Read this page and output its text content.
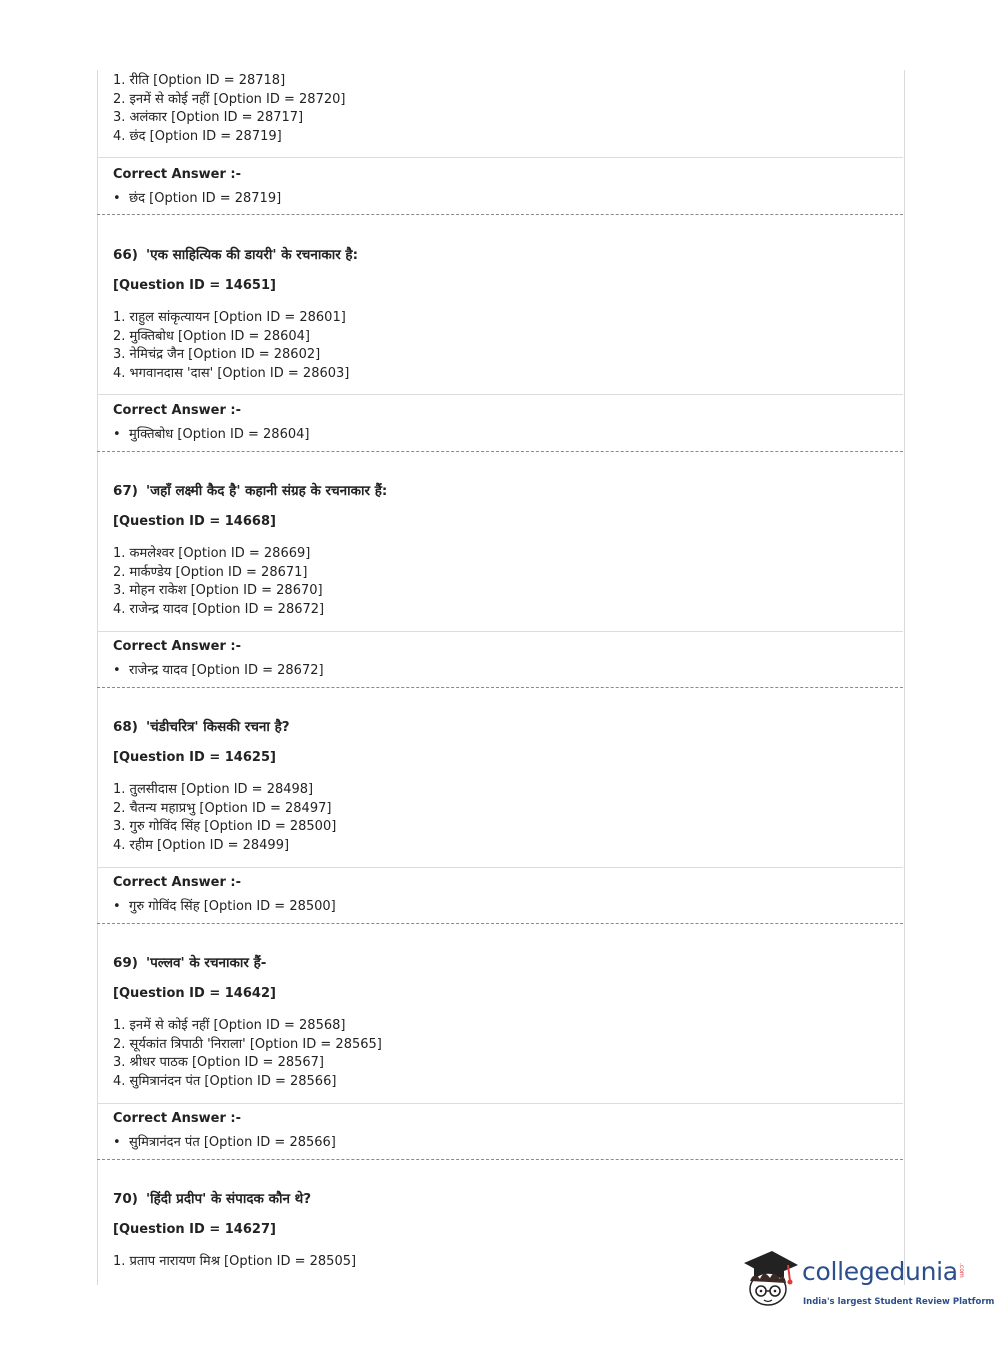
1. रीति [Option ID = 28718]
2. इनमें से कोई नहीं [Option ID = 28720]
3. अलंकार [Option ID = 28717]
4. छंद [Option ID = 28719]
Correct Answer :-
• छंद [Option ID = 28719]
66) 'एक साहित्यिक की डायरी' के रचनाकार है:
[Question ID = 14651]
1. राहुल सांकृत्यायन [Option ID = 28601]
2. मुक्तिबोध [Option ID = 28604]
3. नेमिचंद्र जैन [Option ID = 28602]
4. भगवानदास 'दास' [Option ID = 28603]
Correct Answer :-
• मुक्तिबोध [Option ID = 28604]
67) 'जहाँ लक्ष्मी कैद है' कहानी संग्रह के रचनाकार हैं:
[Question ID = 14668]
1. कमलेश्वर [Option ID = 28669]
2. मार्कण्डेय [Option ID = 28671]
3. मोहन राकेश [Option ID = 28670]
4. राजेन्द्र यादव [Option ID = 28672]
Correct Answer :-
• राजेन्द्र यादव [Option ID = 28672]
68) 'चंडीचरित्र' किसकी रचना है?
[Question ID = 14625]
1. तुलसीदास [Option ID = 28498]
2. चैतन्य महाप्रभु [Option ID = 28497]
3. गुरु गोविंद सिंह [Option ID = 28500]
4. रहीम [Option ID = 28499]
Correct Answer :-
• गुरु गोविंद सिंह [Option ID = 28500]
69) 'पल्लव' के रचनाकार हैं-
[Question ID = 14642]
1. इनमें से कोई नहीं [Option ID = 28568]
2. सूर्यकांत त्रिपाठी 'निराला' [Option ID = 28565]
3. श्रीधर पाठक [Option ID = 28567]
4. सुमित्रानंदन पंत [Option ID = 28566]
Correct Answer :-
• सुमित्रानंदन पंत [Option ID = 28566]
70) 'हिंदी प्रदीप' के संपादक कौन थे?
[Question ID = 14627]
1. प्रताप नारायण मिश्र [Option ID = 28505]	collegedunia
India's largest Student Review Platform
.com
